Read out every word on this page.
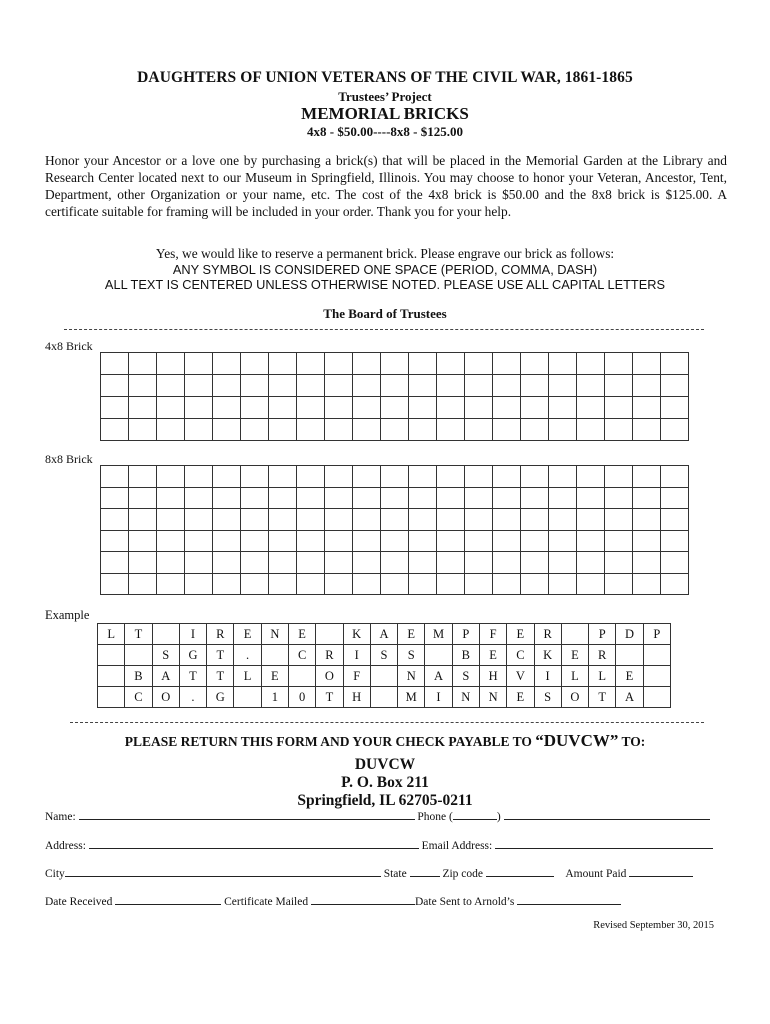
DAUGHTERS OF UNION VETERANS OF THE CIVIL WAR, 1861-1865
Trustees’ Project
MEMORIAL BRICKS
4x8 - $50.00----8x8 - $125.00
Honor your Ancestor or a love one by purchasing a brick(s) that will be placed in the Memorial Garden at the Library and Research Center located next to our Museum in Springfield, Illinois. You may choose to honor your Veteran, Ancestor, Tent, Department, other Organization or your name, etc. The cost of the 4x8 brick is $50.00 and the 8x8 brick is $125.00. A certificate suitable for framing will be included in your order. Thank you for your help.
Yes, we would like to reserve a permanent brick. Please engrave our brick as follows:
ANY SYMBOL IS CONSIDERED ONE SPACE (PERIOD, COMMA, DASH)
ALL TEXT IS CENTERED UNLESS OTHERWISE NOTED. PLEASE USE ALL CAPITAL LETTERS
The Board of Trustees
4x8 Brick

8x8 Brick

Example
L	T		I	R	E	N	E		K	A	E	M	P	F	E	R		P	D	P
		S	G	T	.		C	R	I	S	S		B	E	C	K	E	R		
	B	A	T	T	L	E		O	F		N	A	S	H	V	I	L	L	E	
	C	O	.	G		1	0	T	H		M	I	N	N	E	S	O	T	A	
PLEASE RETURN THIS FORM AND YOUR CHECK PAYABLE TO “DUVCW” TO:
DUVCW
P. O. Box 211
Springfield, IL 62705-0211
Name:	Phone (	)
Address:	Email Address:
City	State	Zip code	Amount Paid
Date Received	Certificate Mailed	Date Sent to Arnold’s
Revised September 30, 2015
